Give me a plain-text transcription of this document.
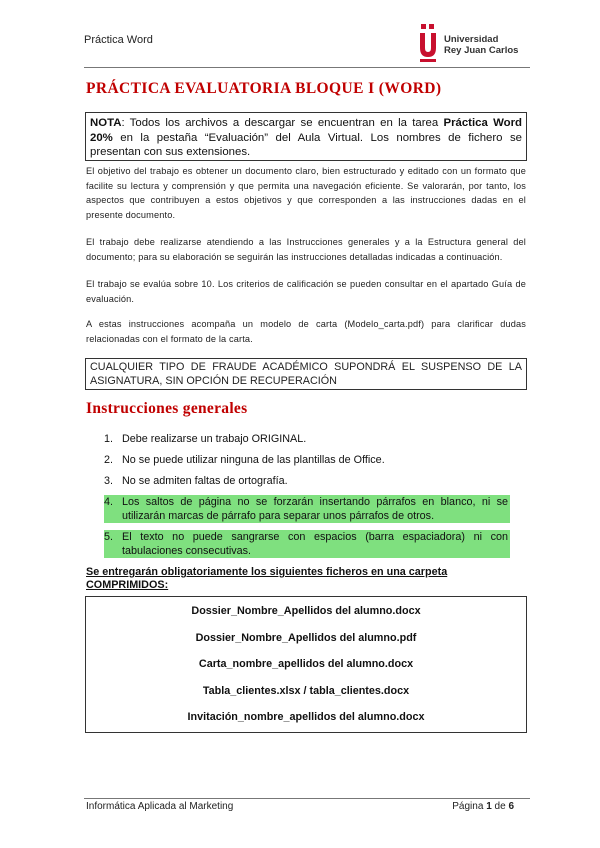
Práctica Word	Universidad
Rey Juan Carlos
PRÁCTICA EVALUATORIA BLOQUE I (WORD)
NOTA: Todos los archivos a descargar se encuentran en la tarea Práctica Word 20% en la pestaña “Evaluación” del Aula Virtual. Los nombres de fichero se presentan con sus extensiones.

El objetivo del trabajo es obtener un documento claro, bien estructurado y editado con un formato que facilite su lectura y comprensión y que permita una navegación eficiente. Se valorarán, por tanto, los aspectos que contribuyen a estos objetivos y que corresponden a las instrucciones dadas en el presente documento.

El trabajo debe realizarse atendiendo a las Instrucciones generales y a la Estructura general del documento; para su elaboración se seguirán las instrucciones detalladas indicadas a continuación.

El trabajo se evalúa sobre 10. Los criterios de calificación se pueden consultar en el apartado Guía de evaluación.

A estas instrucciones acompaña un modelo de carta (Modelo_carta.pdf) para clarificar dudas relacionadas con el formato de la carta.

CUALQUIER TIPO DE FRAUDE ACADÉMICO SUPONDRÁ EL SUSPENSO DE LA ASIGNATURA, SIN OPCIÓN DE RECUPERACIÓN
Instrucciones generales
1. Debe realizarse un trabajo ORIGINAL.
2. No se puede utilizar ninguna de las plantillas de Office.
3. No se admiten faltas de ortografía.
4. Los saltos de página no se forzarán insertando párrafos en blanco, ni se utilizarán marcas de párrafo para separar unos párrafos de otros.
5. El texto no puede sangrarse con espacios (barra espaciadora) ni con tabulaciones consecutivas.

Se entregarán obligatoriamente los siguientes ficheros en una carpeta COMPRIMIDOS:

Dossier_Nombre_Apellidos del alumno.docx
Dossier_Nombre_Apellidos del alumno.pdf
Carta_nombre_apellidos del alumno.docx
Tabla_clientes.xlsx / tabla_clientes.docx
Invitación_nombre_apellidos del alumno.docx
Informática Aplicada al Marketing	Página 1 de 6
